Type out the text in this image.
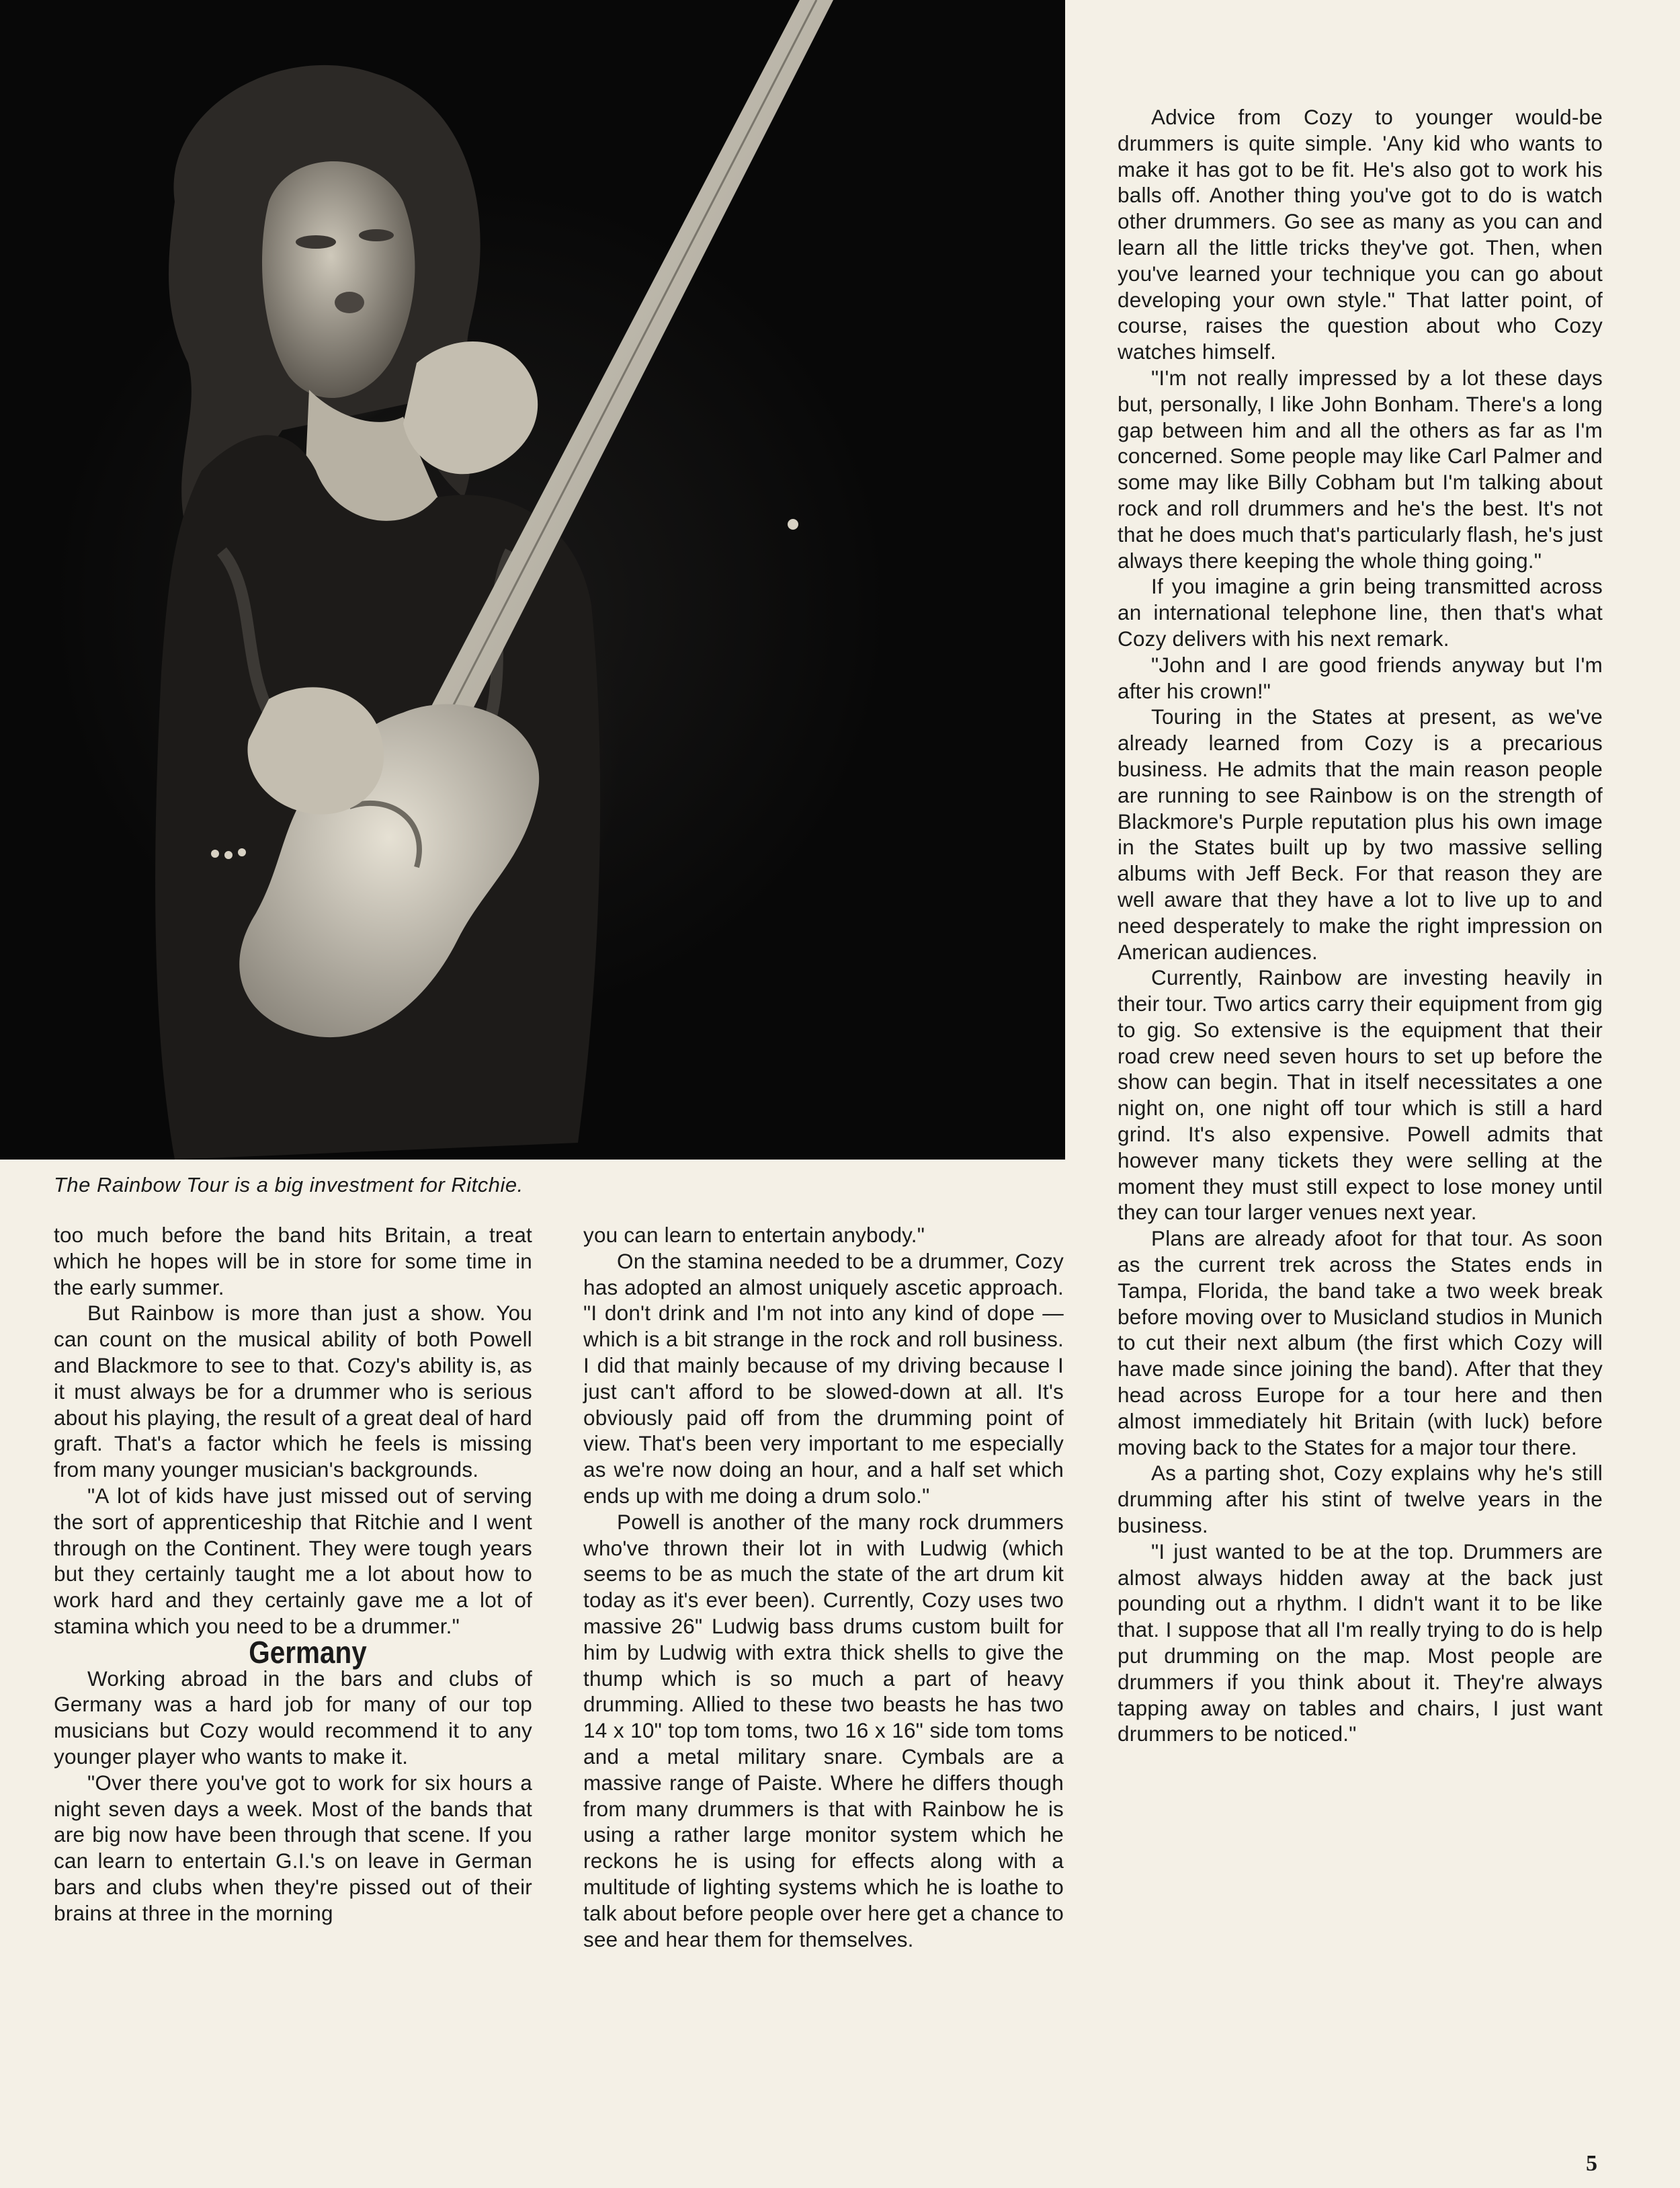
The Rainbow Tour is a big investment for Ritchie.

too much before the band hits Britain, a treat which he hopes will be in store for some time in the early summer.

But Rainbow is more than just a show. You can count on the musical ability of both Powell and Blackmore to see to that. Cozy's ability is, as it must always be for a drummer who is serious about his playing, the result of a great deal of hard graft. That's a factor which he feels is missing from many younger musician's backgrounds.

"A lot of kids have just missed out of serving the sort of apprenticeship that Ritchie and I went through on the Continent. They were tough years but they certainly taught me a lot about how to work hard and they certainly gave me a lot of stamina which you need to be a drummer."

Germany

Working abroad in the bars and clubs of Germany was a hard job for many of our top musicians but Cozy would recommend it to any younger player who wants to make it.

"Over there you've got to work for six hours a night seven days a week. Most of the bands that are big now have been through that scene. If you can learn to entertain G.I.'s on leave in German bars and clubs when they're pissed out of their brains at three in the morning

you can learn to entertain anybody."

On the stamina needed to be a drummer, Cozy has adopted an almost uniquely ascetic approach. "I don't drink and I'm not into any kind of dope — which is a bit strange in the rock and roll business. I did that mainly because of my driving because I just can't afford to be slowed-down at all. It's obviously paid off from the drumming point of view. That's been very important to me especially as we're now doing an hour, and a half set which ends up with me doing a drum solo."

Powell is another of the many rock drummers who've thrown their lot in with Ludwig (which seems to be as much the state of the art drum kit today as it's ever been). Currently, Cozy uses two massive 26" Ludwig bass drums custom built for him by Ludwig with extra thick shells to give the thump which is so much a part of heavy drumming. Allied to these two beasts he has two 14 x 10" top tom toms, two 16 x 16" side tom toms and a metal military snare. Cymbals are a massive range of Paiste. Where he differs though from many drummers is that with Rainbow he is using a rather large monitor system which he reckons he is using for effects along with a multitude of lighting systems which he is loathe to talk about before people over here get a chance to see and hear them for themselves.

Advice from Cozy to younger would-be drummers is quite simple. 'Any kid who wants to make it has got to be fit. He's also got to work his balls off. Another thing you've got to do is watch other drummers. Go see as many as you can and learn all the little tricks they've got. Then, when you've learned your technique you can go about developing your own style." That latter point, of course, raises the question about who Cozy watches himself.

"I'm not really impressed by a lot these days but, personally, I like John Bonham. There's a long gap between him and all the others as far as I'm concerned. Some people may like Carl Palmer and some may like Billy Cobham but I'm talking about rock and roll drummers and he's the best. It's not that he does much that's particularly flash, he's just always there keeping the whole thing going."

If you imagine a grin being transmitted across an international telephone line, then that's what Cozy delivers with his next remark.

"John and I are good friends anyway but I'm after his crown!"

Touring in the States at present, as we've already learned from Cozy is a precarious business. He admits that the main reason people are running to see Rainbow is on the strength of Blackmore's Purple reputation plus his own image in the States built up by two massive selling albums with Jeff Beck. For that reason they are well aware that they have a lot to live up to and need desperately to make the right impression on American audiences.

Currently, Rainbow are investing heavily in their tour. Two artics carry their equipment from gig to gig. So extensive is the equipment that their road crew need seven hours to set up before the show can begin. That in itself necessitates a one night on, one night off tour which is still a hard grind. It's also expensive. Powell admits that however many tickets they were selling at the moment they must still expect to lose money until they can tour larger venues next year.

Plans are already afoot for that tour. As soon as the current trek across the States ends in Tampa, Florida, the band take a two week break before moving over to Musicland studios in Munich to cut their next album (the first which Cozy will have made since joining the band). After that they head across Europe for a tour here and then almost immediately hit Britain (with luck) before moving back to the States for a major tour there.

As a parting shot, Cozy explains why he's still drumming after his stint of twelve years in the business.

"I just wanted to be at the top. Drummers are almost always hidden away at the back just pounding out a rhythm. I didn't want it to be like that. I suppose that all I'm really trying to do is help put drumming on the map. Most people are drummers if you think about it. They're always tapping away on tables and chairs, I just want drummers to be noticed."

5
